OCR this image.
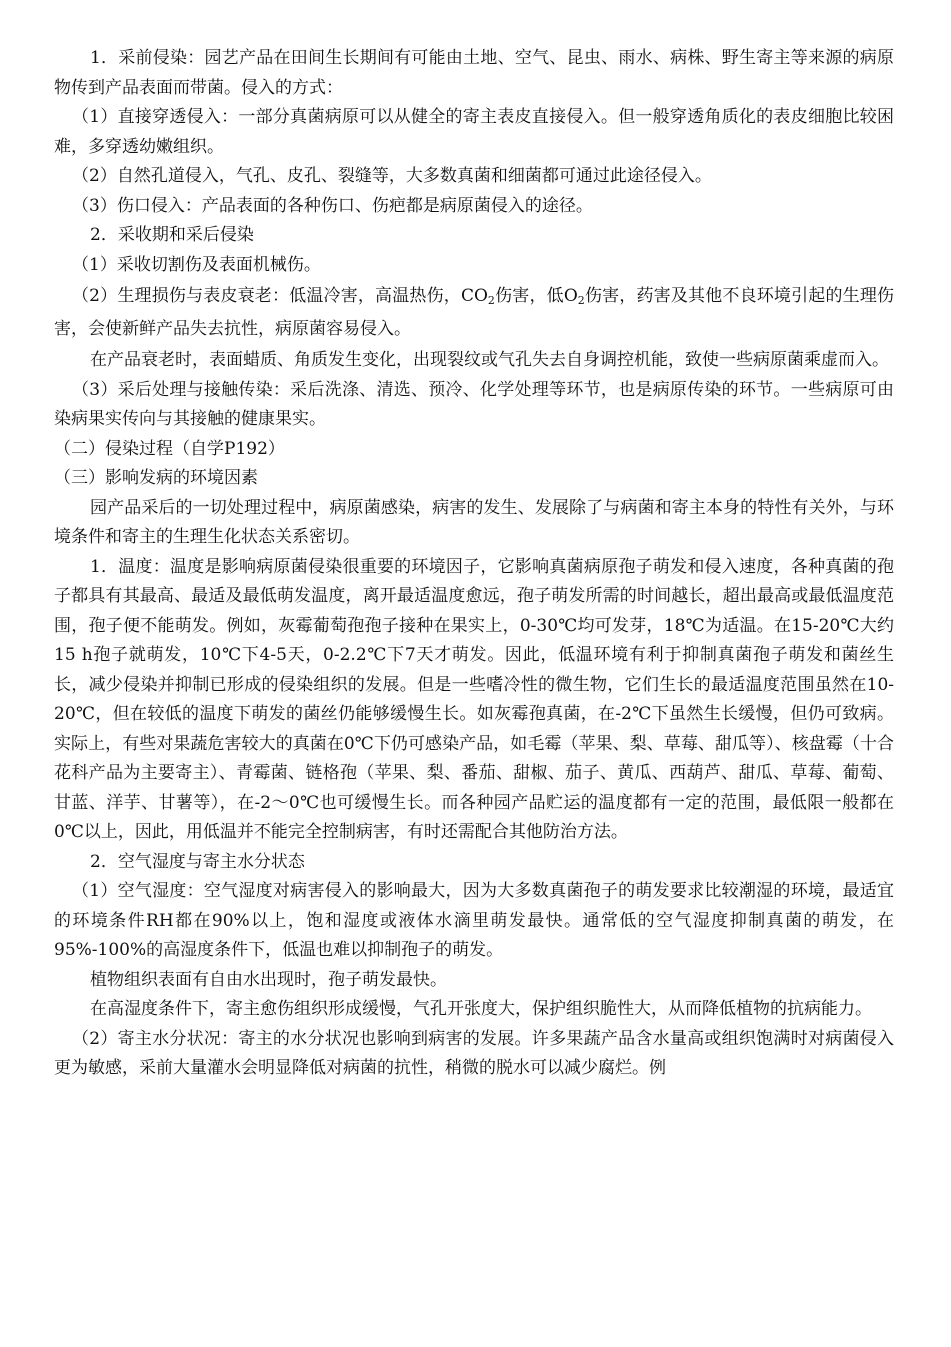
1．采前侵染：园艺产品在田间生长期间有可能由土地、空气、昆虫、雨水、病株、野生寄主等来源的病原物传到产品表面而带菌。侵入的方式：

（1）直接穿透侵入：一部分真菌病原可以从健全的寄主表皮直接侵入。但一般穿透角质化的表皮细胞比较困难，多穿透幼嫩组织。

（2）自然孔道侵入，气孔、皮孔、裂缝等，大多数真菌和细菌都可通过此途径侵入。

（3）伤口侵入：产品表面的各种伤口、伤疤都是病原菌侵入的途径。

2．采收期和采后侵染

（1）采收切割伤及表面机械伤。

（2）生理损伤与表皮衰老：低温冷害，高温热伤，$CO_2$伤害，低$O_2$伤害，药害及其他不良环境引起的生理伤害，会使新鲜产品失去抗性，病原菌容易侵入。

在产品衰老时，表面蜡质、角质发生变化，出现裂纹或气孔失去自身调控机能，致使一些病原菌乘虚而入。

（3）采后处理与接触传染：采后洗涤、清选、预冷、化学处理等环节，也是病原传染的环节。一些病原可由染病果实传向与其接触的健康果实。

（二）侵染过程（自学P192）

（三）影响发病的环境因素

园产品采后的一切处理过程中，病原菌感染，病害的发生、发展除了与病菌和寄主本身的特性有关外，与环境条件和寄主的生理生化状态关系密切。

1．温度：温度是影响病原菌侵染很重要的环境因子，它影响真菌病原孢子萌发和侵入速度，各种真菌的孢子都具有其最高、最适及最低萌发温度，离开最适温度愈远，孢子萌发所需的时间越长，超出最高或最低温度范围，孢子便不能萌发。例如，灰霉葡萄孢孢子接种在果实上，0-30℃均可发芽，18℃为适温。在15-20℃大约15 h孢子就萌发，10℃下4-5天，0-2.2℃下7天才萌发。因此，低温环境有利于抑制真菌孢子萌发和菌丝生长，减少侵染并抑制已形成的侵染组织的发展。但是一些嗜冷性的微生物，它们生长的最适温度范围虽然在10-20℃，但在较低的温度下萌发的菌丝仍能够缓慢生长。如灰霉孢真菌，在-2℃下虽然生长缓慢，但仍可致病。实际上，有些对果蔬危害较大的真菌在0℃下仍可感染产品，如毛霉（苹果、梨、草莓、甜瓜等）、核盘霉（十合花科产品为主要寄主）、青霉菌、链格孢（苹果、梨、番茄、甜椒、茄子、黄瓜、西葫芦、甜瓜、草莓、葡萄、甘蓝、洋芋、甘薯等），在-2～0℃也可缓慢生长。而各种园产品贮运的温度都有一定的范围，最低限一般都在0℃以上，因此，用低温并不能完全控制病害，有时还需配合其他防治方法。

2．空气湿度与寄主水分状态

（1）空气湿度：空气湿度对病害侵入的影响最大，因为大多数真菌孢子的萌发要求比较潮湿的环境，最适宜的环境条件RH都在90%以上，饱和湿度或液体水滴里萌发最快。通常低的空气湿度抑制真菌的萌发，在95%-100%的高湿度条件下，低温也难以抑制孢子的萌发。

植物组织表面有自由水出现时，孢子萌发最快。

在高湿度条件下，寄主愈伤组织形成缓慢，气孔开张度大，保护组织脆性大，从而降低植物的抗病能力。

（2）寄主水分状况：寄主的水分状况也影响到病害的发展。许多果蔬产品含水量高或组织饱满时对病菌侵入更为敏感，采前大量灌水会明显降低对病菌的抗性，稍微的脱水可以减少腐烂。例
